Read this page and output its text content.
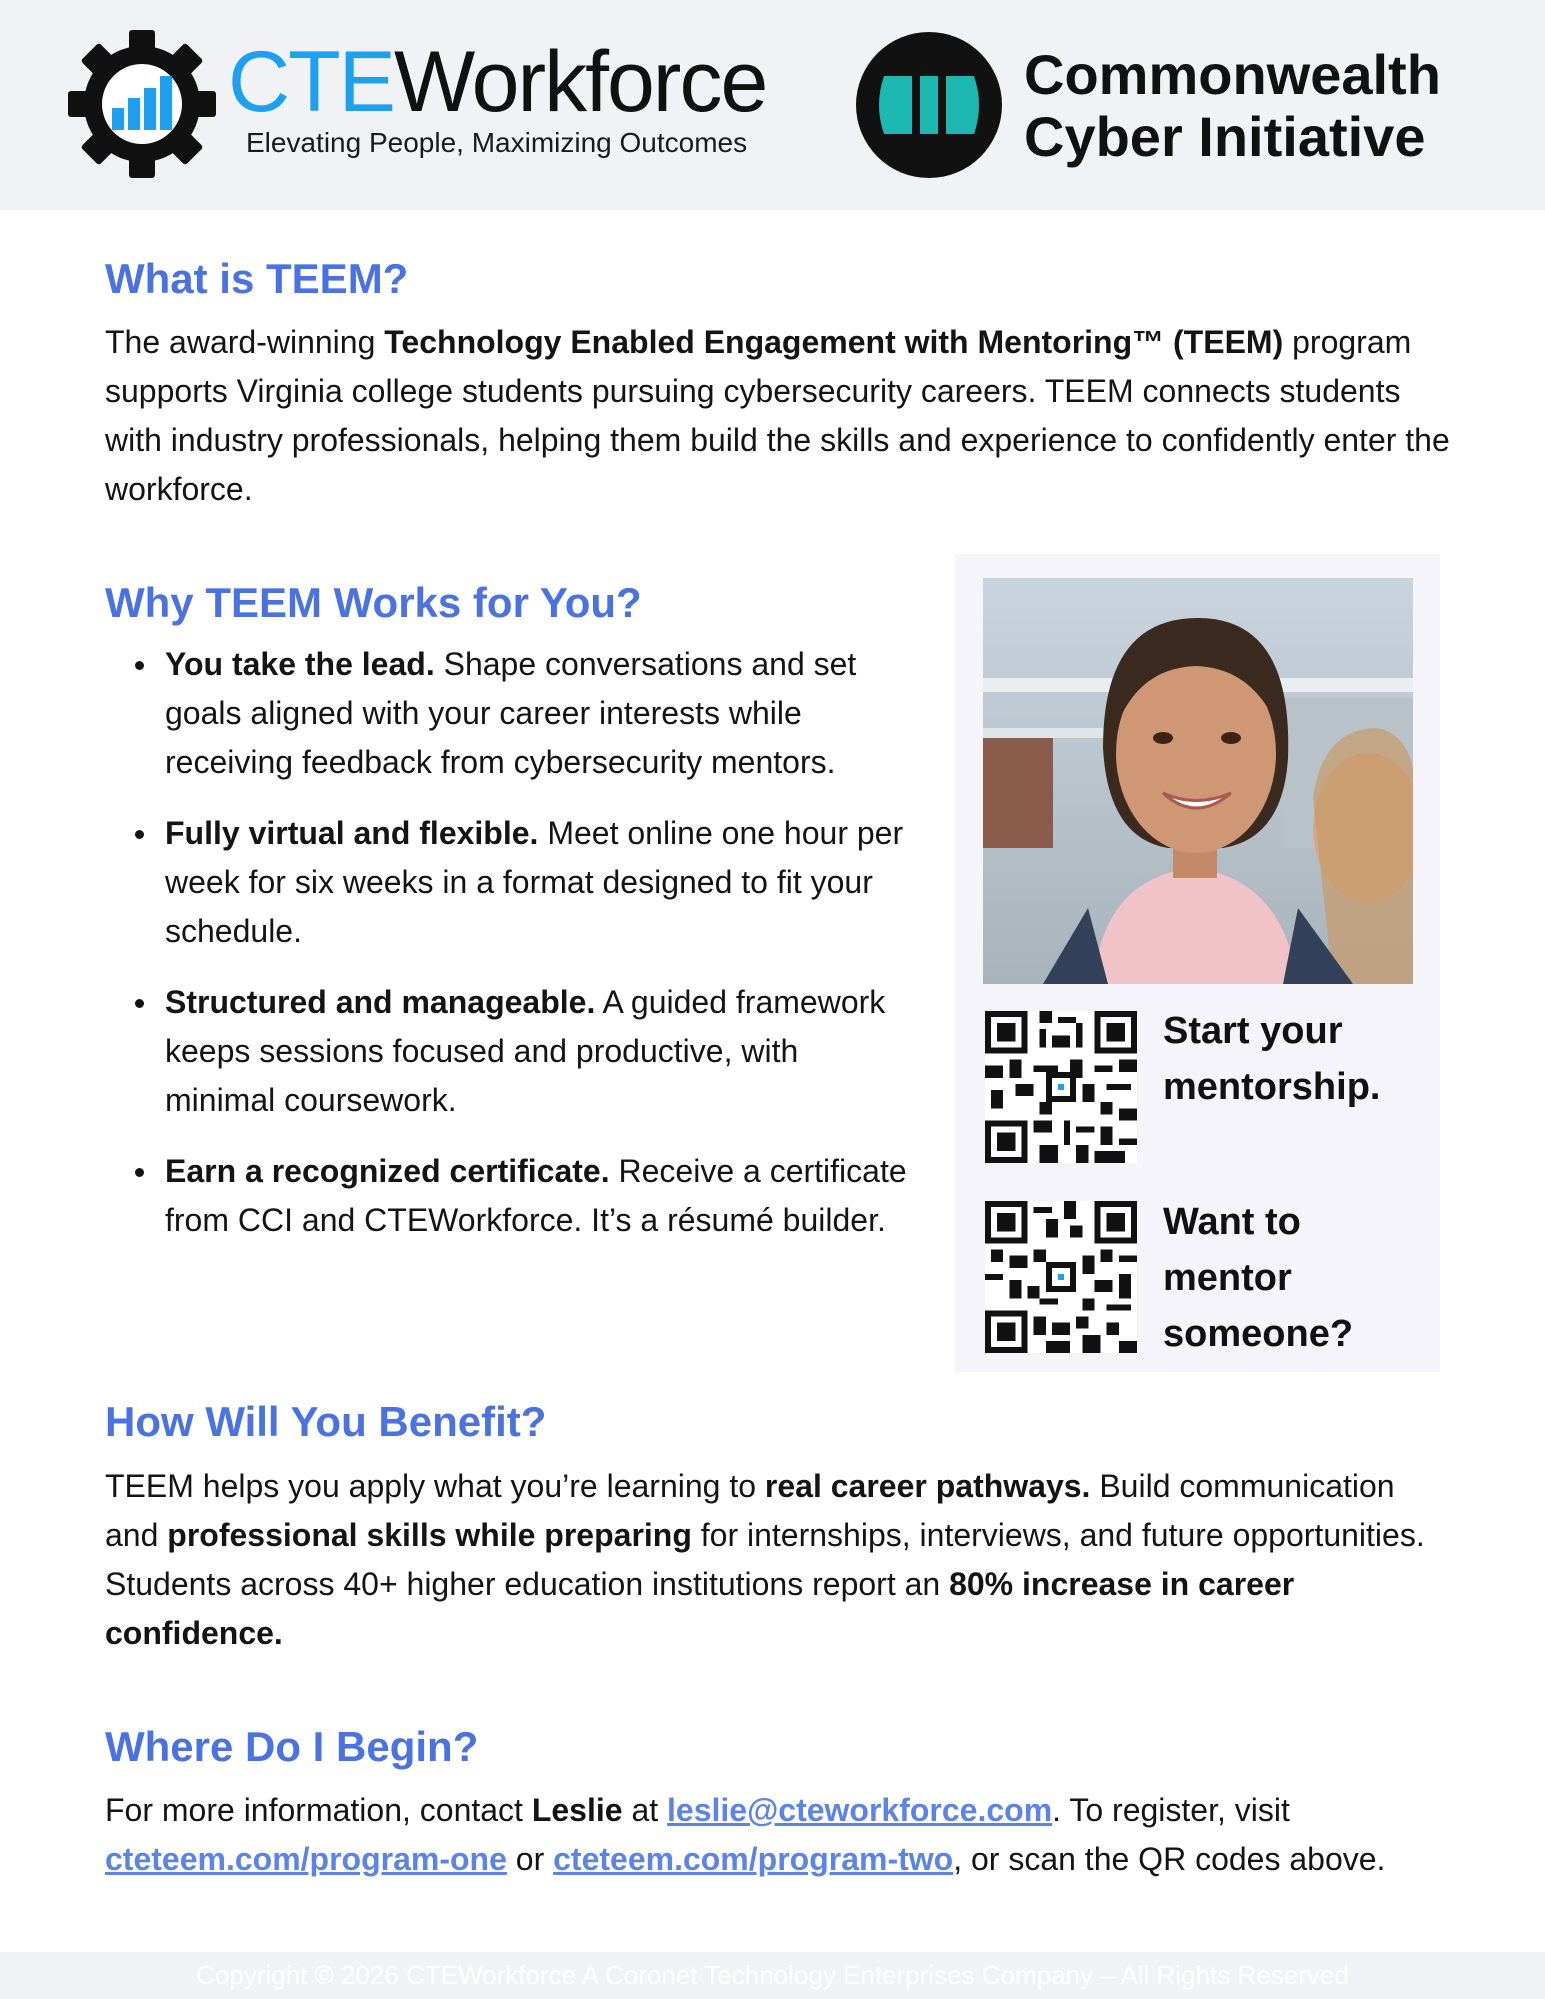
CTEWorkforce
Elevating People, Maximizing Outcomes
Commonwealth
Cyber Initiative
What is TEEM?

The award-winning Technology Enabled Engagement with Mentoring™ (TEEM) program supports Virginia college students pursuing cybersecurity careers. TEEM connects students with industry professionals, helping them build the skills and experience to confidently enter the workforce.

Why TEEM Works for You?
You take the lead. Shape conversations and set goals aligned with your career interests while receiving feedback from cybersecurity mentors.
Fully virtual and flexible. Meet online one hour per week for six weeks in a format designed to fit your schedule.
Structured and manageable. A guided framework keeps sessions focused and productive, with minimal coursework.
Earn a recognized certificate. Receive a certificate from CCI and CTEWorkforce. It’s a résumé builder.
Start your
mentorship.
Want to
mentor
someone?
How Will You Benefit?

TEEM helps you apply what you’re learning to real career pathways. Build communication and professional skills while preparing for internships, interviews, and future opportunities. Students across 40+ higher education institutions report an 80% increase in career confidence.

Where Do I Begin?

For more information, contact Leslie at leslie@cteworkforce.com. To register, visit cteteem.com/program-one or cteteem.com/program-two, or scan the QR codes above.

Copyright © 2026 CTEWorkforce A Coronet Technology Enterprises Company – All Rights Reserved
